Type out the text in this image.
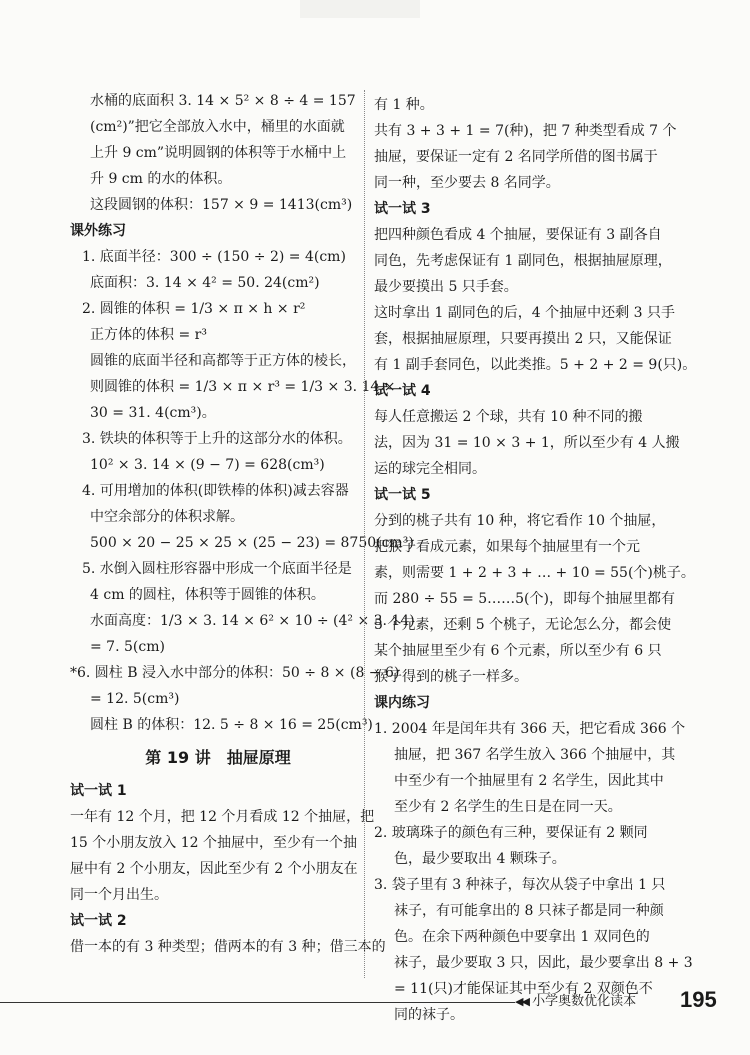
水桶的底面积 3. 14 × 5² × 8 ÷ 4 = 157
(cm²)”把它全部放入水中，桶里的水面就
上升 9 cm”说明圆钢的体积等于水桶中上
升 9 cm 的水的体积。
这段圆钢的体积：157 × 9 = 1413(cm³)
课外练习
1. 底面半径：300 ÷ (150 ÷ 2) = 4(cm)
底面积：3. 14 × 4² = 50. 24(cm²)
2. 圆锥的体积 = 1/3 × π × h × r²
正方体的体积 = r³
圆锥的底面半径和高都等于正方体的棱长，
则圆锥的体积 = 1/3 × π × r³ = 1/3 × 3. 14 ×
30 = 31. 4(cm³)。
3. 铁块的体积等于上升的这部分水的体积。
10² × 3. 14 × (9 − 7) = 628(cm³)
4. 可用增加的体积(即铁棒的体积)减去容器
中空余部分的体积求解。
500 × 20 − 25 × 25 × (25 − 23) = 8750(cm³)
5. 水倒入圆柱形容器中形成一个底面半径是
4 cm 的圆柱，体积等于圆锥的体积。
水面高度：1/3 × 3. 14 × 6² × 10 ÷ (4² × 3. 14)
= 7. 5(cm)
*6. 圆柱 B 浸入水中部分的体积：50 ÷ 8 × (8 − 6)
= 12. 5(cm³)
圆柱 B 的体积：12. 5 ÷ 8 × 16 = 25(cm³)
第 19 讲　抽屉原理
试一试 1
一年有 12 个月，把 12 个月看成 12 个抽屉，把
15 个小朋友放入 12 个抽屉中，至少有一个抽
屉中有 2 个小朋友，因此至少有 2 个小朋友在
同一个月出生。
试一试 2
借一本的有 3 种类型；借两本的有 3 种；借三本的
有 1 种。
共有 3 + 3 + 1 = 7(种)，把 7 种类型看成 7 个
抽屉，要保证一定有 2 名同学所借的图书属于
同一种，至少要去 8 名同学。
试一试 3
把四种颜色看成 4 个抽屉，要保证有 3 副各自
同色，先考虑保证有 1 副同色，根据抽屉原理，
最少要摸出 5 只手套。
这时拿出 1 副同色的后，4 个抽屉中还剩 3 只手
套，根据抽屉原理，只要再摸出 2 只，又能保证
有 1 副手套同色，以此类推。5 + 2 + 2 = 9(只)。
试一试 4
每人任意搬运 2 个球，共有 10 种不同的搬
法，因为 31 = 10 × 3 + 1，所以至少有 4 人搬
运的球完全相同。
试一试 5
分到的桃子共有 10 种，将它看作 10 个抽屉，
把猴子看成元素，如果每个抽屉里有一个元
素，则需要 1 + 2 + 3 + … + 10 = 55(个)桃子。
而 280 ÷ 55 = 5……5(个)，即每个抽屉里都有
5 个元素，还剩 5 个桃子，无论怎么分，都会使
某个抽屉里至少有 6 个元素，所以至少有 6 只
猴子得到的桃子一样多。
课内练习
1. 2004 年是闰年共有 366 天，把它看成 366 个
抽屉，把 367 名学生放入 366 个抽屉中，其
中至少有一个抽屉里有 2 名学生，因此其中
至少有 2 名学生的生日是在同一天。
2. 玻璃珠子的颜色有三种，要保证有 2 颗同
色，最少要取出 4 颗珠子。
3. 袋子里有 3 种袜子，每次从袋子中拿出 1 只
袜子，有可能拿出的 8 只袜子都是同一种颜
色。在余下两种颜色中要拿出 1 双同色的
袜子，最少要取 3 只，因此，最少要拿出 8 + 3
= 11(只)才能保证其中至少有 2 双颜色不
同的袜子。
◀◀ 小学奥数优化读本 195
